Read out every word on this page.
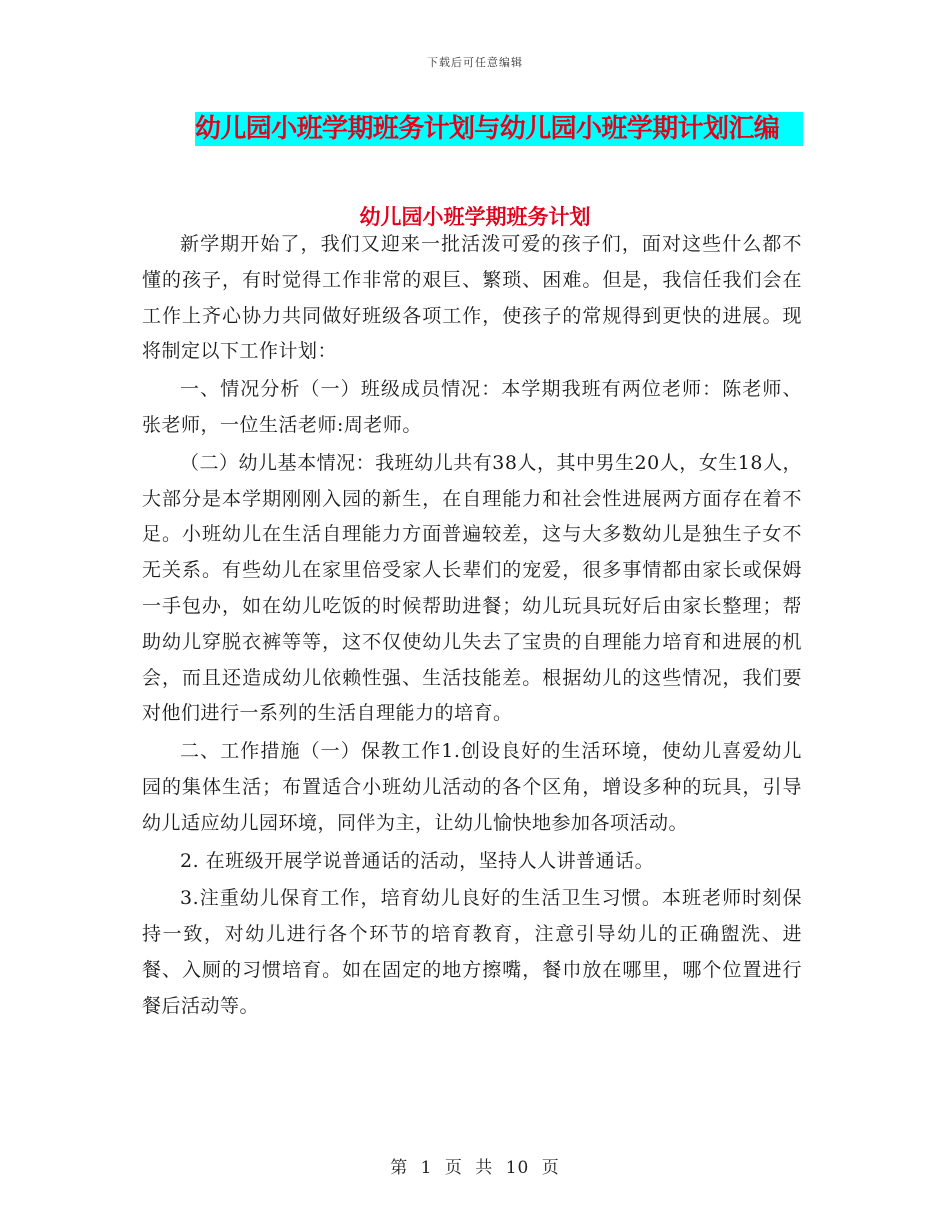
下载后可任意编辑
幼儿园小班学期班务计划与幼儿园小班学期计划汇编
幼儿园小班学期班务计划

新学期开始了，我们又迎来一批活泼可爱的孩子们，面对这些什么都不懂的孩子，有时觉得工作非常的艰巨、繁琐、困难。但是，我信任我们会在工作上齐心协力共同做好班级各项工作，使孩子的常规得到更快的进展。现将制定以下工作计划：

一、情况分析（一）班级成员情况：本学期我班有两位老师：陈老师、张老师，一位生活老师:周老师。

（二）幼儿基本情况：我班幼儿共有38人，其中男生20人，女生18人，大部分是本学期刚刚入园的新生，在自理能力和社会性进展两方面存在着不足。小班幼儿在生活自理能力方面普遍较差，这与大多数幼儿是独生子女不无关系。有些幼儿在家里倍受家人长辈们的宠爱，很多事情都由家长或保姆一手包办，如在幼儿吃饭的时候帮助进餐；幼儿玩具玩好后由家长整理；帮助幼儿穿脱衣裤等等，这不仅使幼儿失去了宝贵的自理能力培育和进展的机会，而且还造成幼儿依赖性强、生活技能差。根据幼儿的这些情况，我们要对他们进行一系列的生活自理能力的培育。

二、工作措施（一）保教工作1.创设良好的生活环境，使幼儿喜爱幼儿园的集体生活；布置适合小班幼儿活动的各个区角，增设多种的玩具，引导幼儿适应幼儿园环境，同伴为主，让幼儿愉快地参加各项活动。

2. 在班级开展学说普通话的活动，坚持人人讲普通话。

3.注重幼儿保育工作，培育幼儿良好的生活卫生习惯。本班老师时刻保持一致，对幼儿进行各个环节的培育教育，注意引导幼儿的正确盥洗、进餐、入厕的习惯培育。如在固定的地方擦嘴，餐巾放在哪里，哪个位置进行餐后活动等。

第 1 页 共 10 页
